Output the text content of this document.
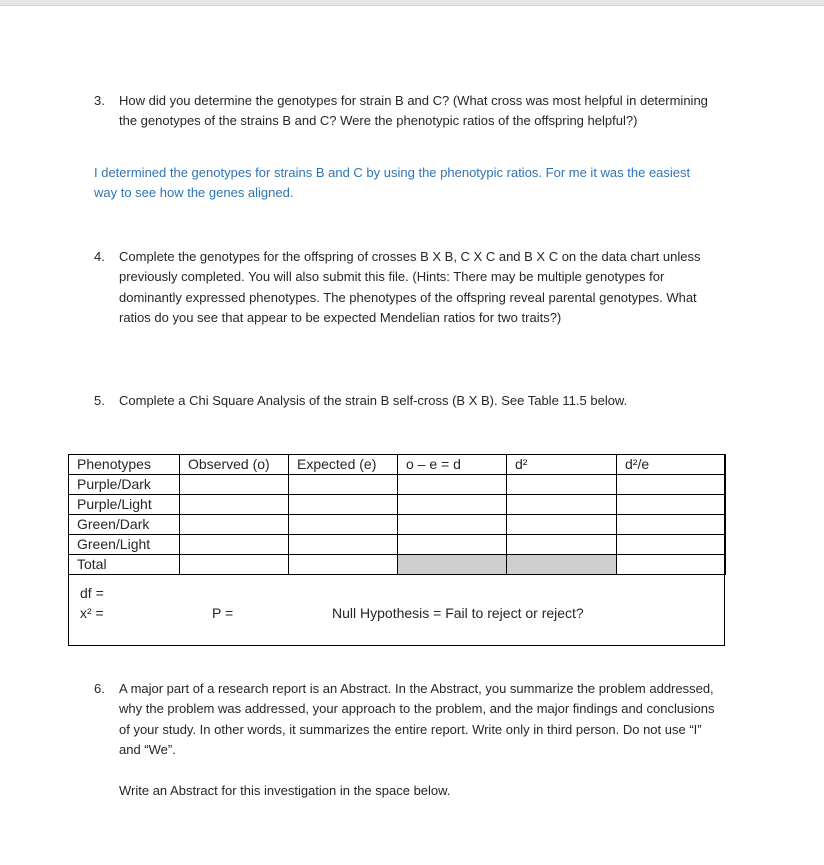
3. How did you determine the genotypes for strain B and C? (What cross was most helpful in determining the genotypes of the strains B and C? Were the phenotypic ratios of the offspring helpful?)
I determined the genotypes for strains B and C by using the phenotypic ratios. For me it was the easiest way to see how the genes aligned.
4. Complete the genotypes for the offspring of crosses B X B, C X C and B X C on the data chart unless previously completed. You will also submit this file. (Hints: There may be multiple genotypes for dominantly expressed phenotypes. The phenotypes of the offspring reveal parental genotypes. What ratios do you see that appear to be expected Mendelian ratios for two traits?)
5. Complete a Chi Square Analysis of the strain B self-cross (B X B). See Table 11.5 below.
Phenotypes	Observed (o)	Expected (e)	o – e = d	d²	d²/e
Purple/Dark					
Purple/Light					
Green/Dark					
Green/Light					
Total					
df =
x² =	P =	Null Hypothesis = Fail to reject or reject?
6. A major part of a research report is an Abstract. In the Abstract, you summarize the problem addressed, why the problem was addressed, your approach to the problem, and the major findings and conclusions of your study. In other words, it summarizes the entire report. Write only in third person. Do not use “I” and “We”.
Write an Abstract for this investigation in the space below.
